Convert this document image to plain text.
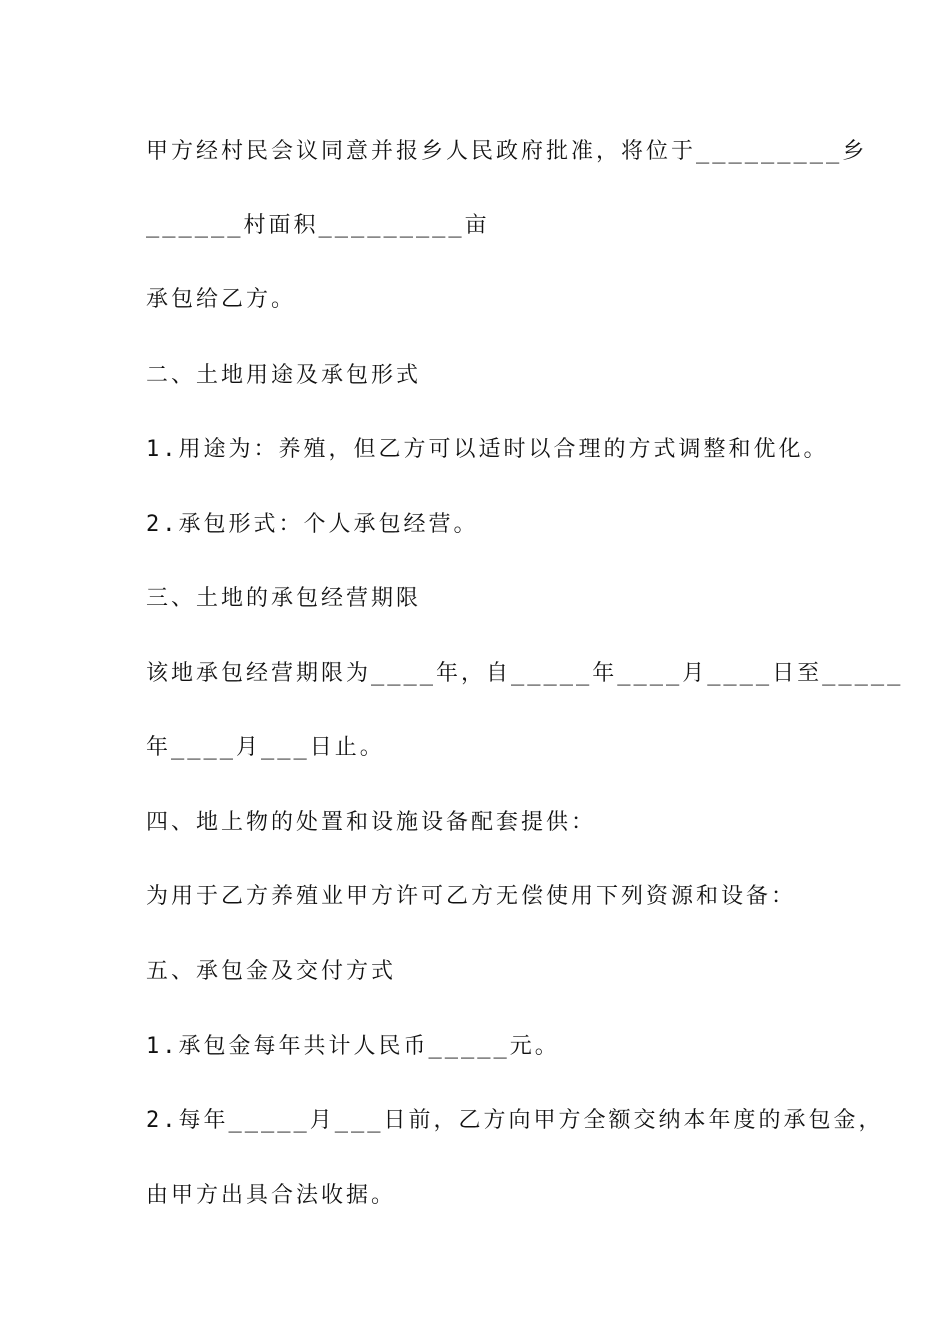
甲方经村民会议同意并报乡人民政府批准，将位于_________乡
______村面积_________亩
承包给乙方。
二、土地用途及承包形式
1.用途为：养殖，但乙方可以适时以合理的方式调整和优化。
2.承包形式：个人承包经营。
三、土地的承包经营期限
该地承包经营期限为____年，自_____年____月____日至_____
年____月___日止。
四、地上物的处置和设施设备配套提供：
为用于乙方养殖业甲方许可乙方无偿使用下列资源和设备：
五、承包金及交付方式
1.承包金每年共计人民币_____元。
2.每年_____月___日前，乙方向甲方全额交纳本年度的承包金，
由甲方出具合法收据。
